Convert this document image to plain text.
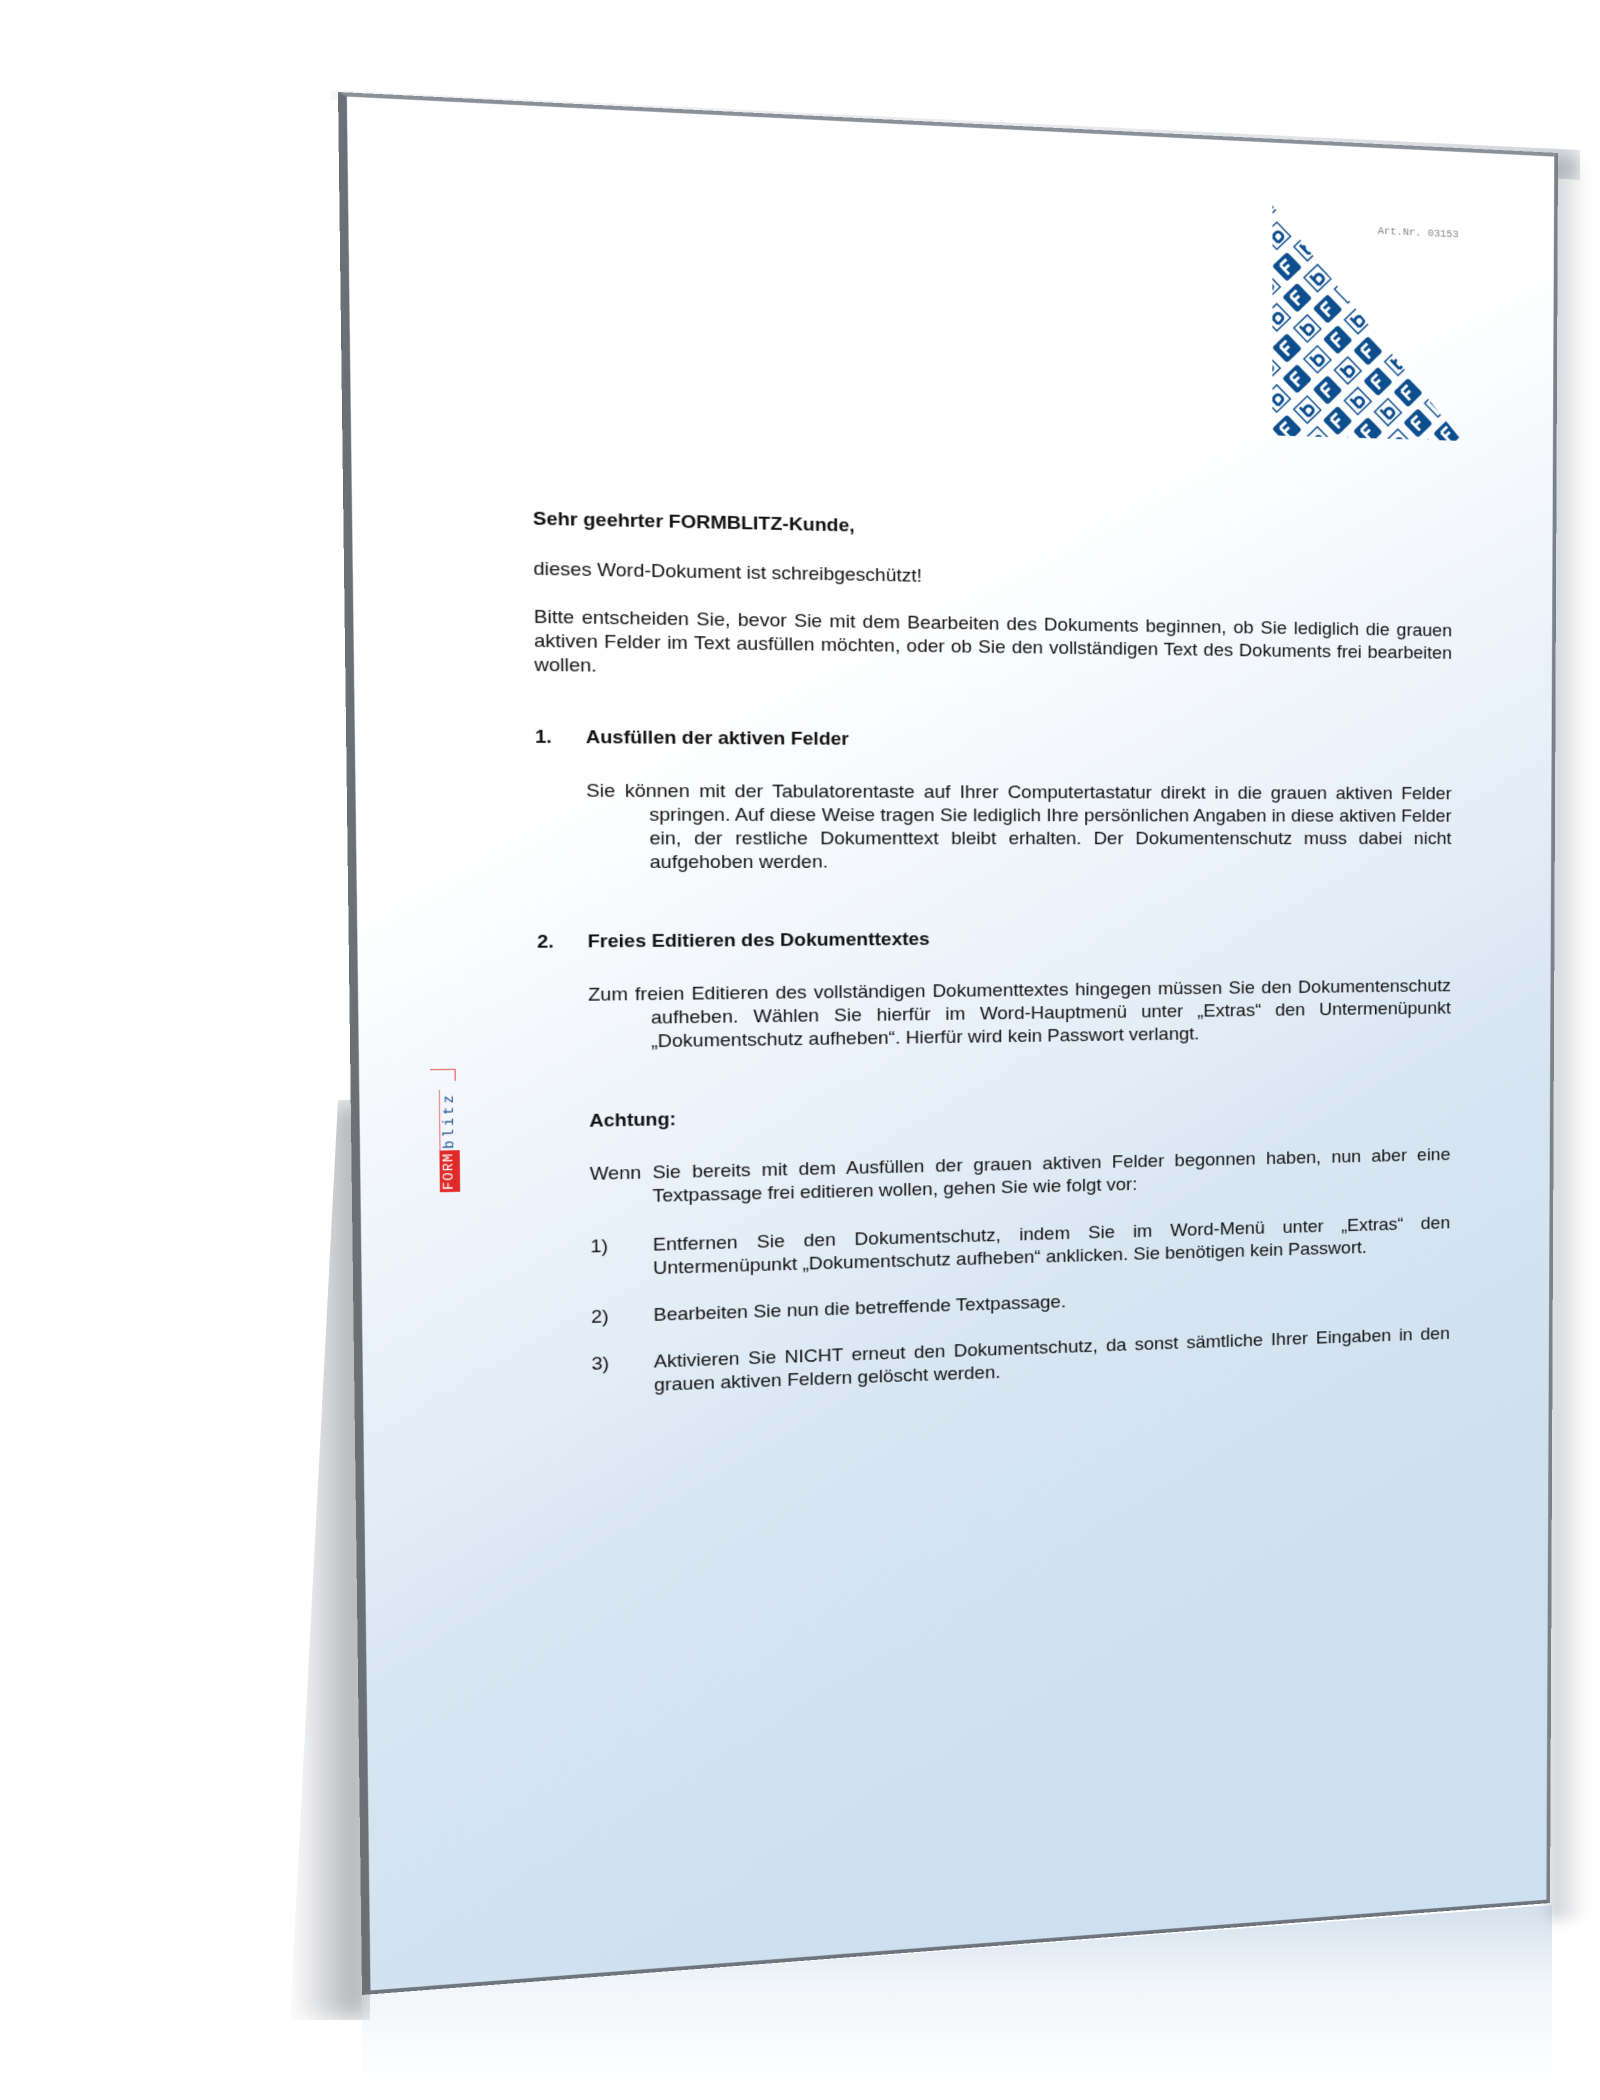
Art.Nr. 03153
FORM
blitz
Sehr geehrter FORMBLITZ-Kunde,
dieses Word-Dokument ist schreibgeschützt!
Bitte entscheiden Sie, bevor Sie mit dem Bearbeiten des Dokuments beginnen, ob Sie lediglich die grauen aktiven Felder im Text ausfüllen möchten, oder ob Sie den vollständigen Text des Dokuments frei bearbeiten wollen.
1.	Ausfüllen der aktiven Felder
Sie können mit der Tabulatorentaste auf Ihrer Computertastatur direkt in die grauen aktiven Felder springen. Auf diese Weise tragen Sie lediglich Ihre persönlichen Angaben in diese aktiven Felder ein, der restliche Dokumenttext bleibt erhalten. Der Dokumentenschutz muss dabei nicht aufgehoben werden.
2.	Freies Editieren des Dokumenttextes
Zum freien Editieren des vollständigen Dokumenttextes hingegen müssen Sie den Dokumentenschutz aufheben. Wählen Sie hierfür im Word-Hauptmenü unter „Extras“ den Untermenüpunkt „Dokumentschutz aufheben“. Hierfür wird kein Passwort verlangt.
Achtung:
Wenn Sie bereits mit dem Ausfüllen der grauen aktiven Felder begonnen haben, nun aber eine Textpassage frei editieren wollen, gehen Sie wie folgt vor:
1)	Entfernen Sie den Dokumentschutz, indem Sie im Word-Menü unter „Extras“ den Untermenüpunkt „Dokumentschutz aufheben“ anklicken. Sie benötigen kein Passwort.
2)	Bearbeiten Sie nun die betreffende Textpassage.
3)	Aktivieren Sie NICHT erneut den Dokumentschutz, da sonst sämtliche Ihrer Eingaben in den grauen aktiven Feldern gelöscht werden.
